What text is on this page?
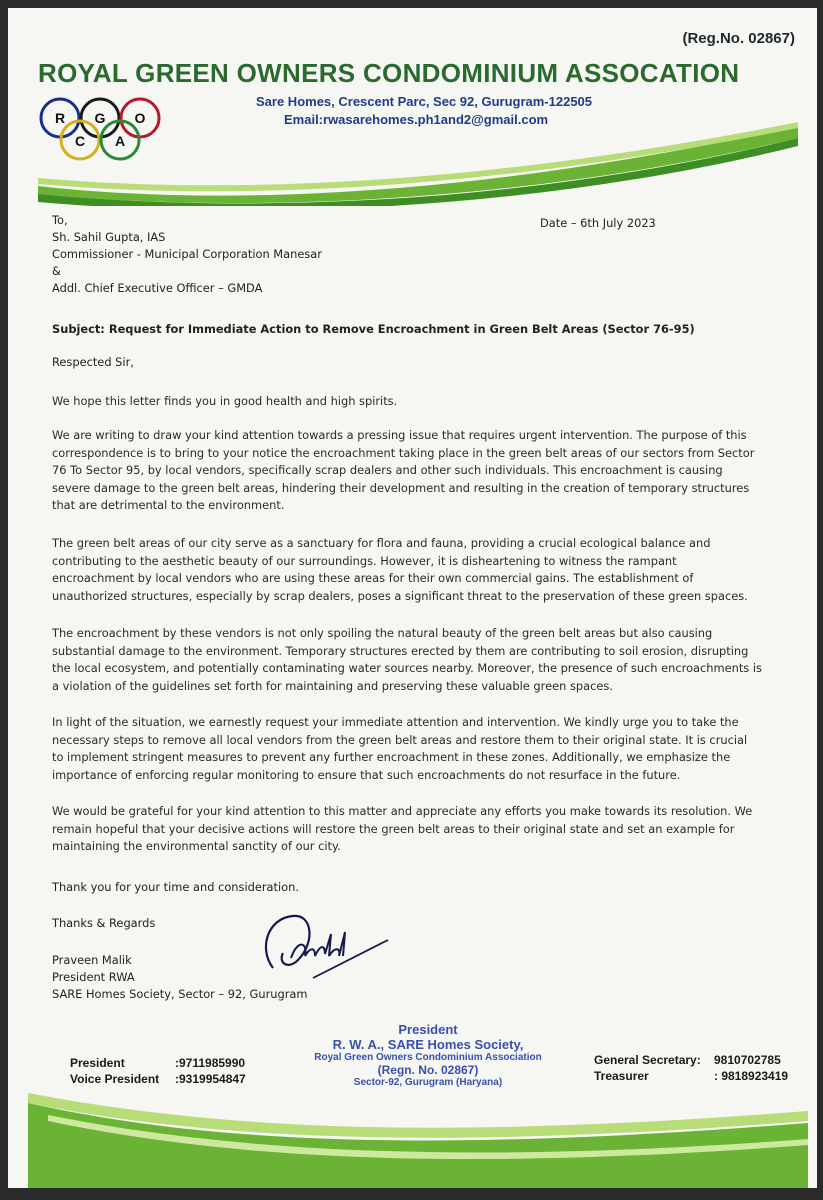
(Reg.No. 02867)
ROYAL GREEN OWNERS CONDOMINIUM ASSOCATION
R G O
C A
Sare Homes, Crescent Parc, Sec 92, Gurugram-122505
Email:rwasarehomes.ph1and2@gmail.com
Date – 6th July 2023
To,
Sh. Sahil Gupta, IAS
Commissioner - Municipal Corporation Manesar
&
Addl. Chief Executive Officer – GMDA
Subject: Request for Immediate Action to Remove Encroachment in Green Belt Areas (Sector 76-95)
Respected Sir,
We hope this letter finds you in good health and high spirits.
We are writing to draw your kind attention towards a pressing issue that requires urgent intervention. The purpose of this correspondence is to bring to your notice the encroachment taking place in the green belt areas of our sectors from Sector 76 To Sector 95, by local vendors, specifically scrap dealers and other such individuals. This encroachment is causing severe damage to the green belt areas, hindering their development and resulting in the creation of temporary structures that are detrimental to the environment.
The green belt areas of our city serve as a sanctuary for flora and fauna, providing a crucial ecological balance and contributing to the aesthetic beauty of our surroundings. However, it is disheartening to witness the rampant encroachment by local vendors who are using these areas for their own commercial gains. The establishment of unauthorized structures, especially by scrap dealers, poses a significant threat to the preservation of these green spaces.
The encroachment by these vendors is not only spoiling the natural beauty of the green belt areas but also causing substantial damage to the environment. Temporary structures erected by them are contributing to soil erosion, disrupting the local ecosystem, and potentially contaminating water sources nearby. Moreover, the presence of such encroachments is a violation of the guidelines set forth for maintaining and preserving these valuable green spaces.
In light of the situation, we earnestly request your immediate attention and intervention. We kindly urge you to take the necessary steps to remove all local vendors from the green belt areas and restore them to their original state. It is crucial to implement stringent measures to prevent any further encroachment in these zones. Additionally, we emphasize the importance of enforcing regular monitoring to ensure that such encroachments do not resurface in the future.
We would be grateful for your kind attention to this matter and appreciate any efforts you make towards its resolution. We remain hopeful that your decisive actions will restore the green belt areas to their original state and set an example for maintaining the environmental sanctity of our city.
Thank you for your time and consideration.
Thanks & Regards
Praveen Malik
President RWA
SARE Homes Society, Sector – 92, Gurugram
President
R. W. A., SARE Homes Society,
Royal Green Owners Condominium Association
(Regn. No. 02867)
Sector-92, Gurugram (Haryana)
President	:9711985990
Voice President	:9319954847
General Secretary:	9810702785
Treasurer	: 9818923419
